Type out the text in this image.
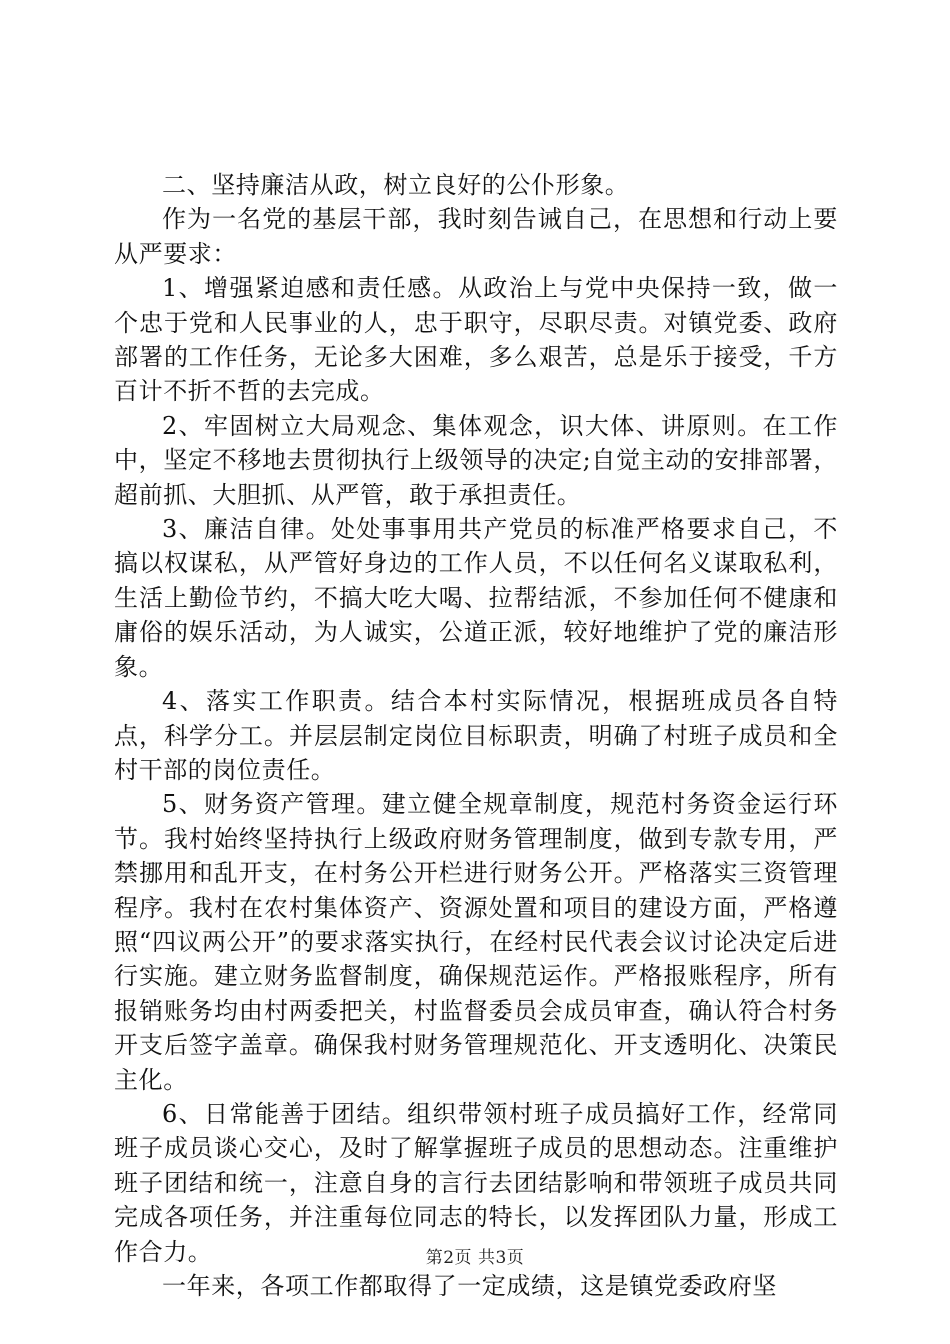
二、坚持廉洁从政，树立良好的公仆形象。

作为一名党的基层干部，我时刻告诫自己，在思想和行动上要从严要求：

1、增强紧迫感和责任感。从政治上与党中央保持一致，做一个忠于党和人民事业的人，忠于职守，尽职尽责。对镇党委、政府部署的工作任务，无论多大困难，多么艰苦，总是乐于接受，千方百计不折不哲的去完成。

2、牢固树立大局观念、集体观念，识大体、讲原则。在工作中，坚定不移地去贯彻执行上级领导的决定;自觉主动的安排部署，超前抓、大胆抓、从严管，敢于承担责任。

3、廉洁自律。处处事事用共产党员的标准严格要求自己，不搞以权谋私，从严管好身边的工作人员，不以任何名义谋取私利，生活上勤俭节约，不搞大吃大喝、拉帮结派，不参加任何不健康和庸俗的娱乐活动，为人诚实，公道正派，较好地维护了党的廉洁形象。

4、落实工作职责。结合本村实际情况，根据班成员各自特点，科学分工。并层层制定岗位目标职责，明确了村班子成员和全村干部的岗位责任。

5、财务资产管理。建立健全规章制度，规范村务资金运行环节。我村始终坚持执行上级政府财务管理制度，做到专款专用，严禁挪用和乱开支，在村务公开栏进行财务公开。严格落实三资管理程序。我村在农村集体资产、资源处置和项目的建设方面，严格遵照“四议两公开”的要求落实执行，在经村民代表会议讨论决定后进行实施。建立财务监督制度，确保规范运作。严格报账程序，所有报销账务均由村两委把关，村监督委员会成员审查，确认符合村务开支后签字盖章。确保我村财务管理规范化、开支透明化、决策民主化。

6、日常能善于团结。组织带领村班子成员搞好工作，经常同班子成员谈心交心，及时了解掌握班子成员的思想动态。注重维护班子团结和统一，注意自身的言行去团结影响和带领班子成员共同完成各项任务，并注重每位同志的特长，以发挥团队力量，形成工作合力。

一年来，各项工作都取得了一定成绩，这是镇党委政府坚

第2页 共3页
